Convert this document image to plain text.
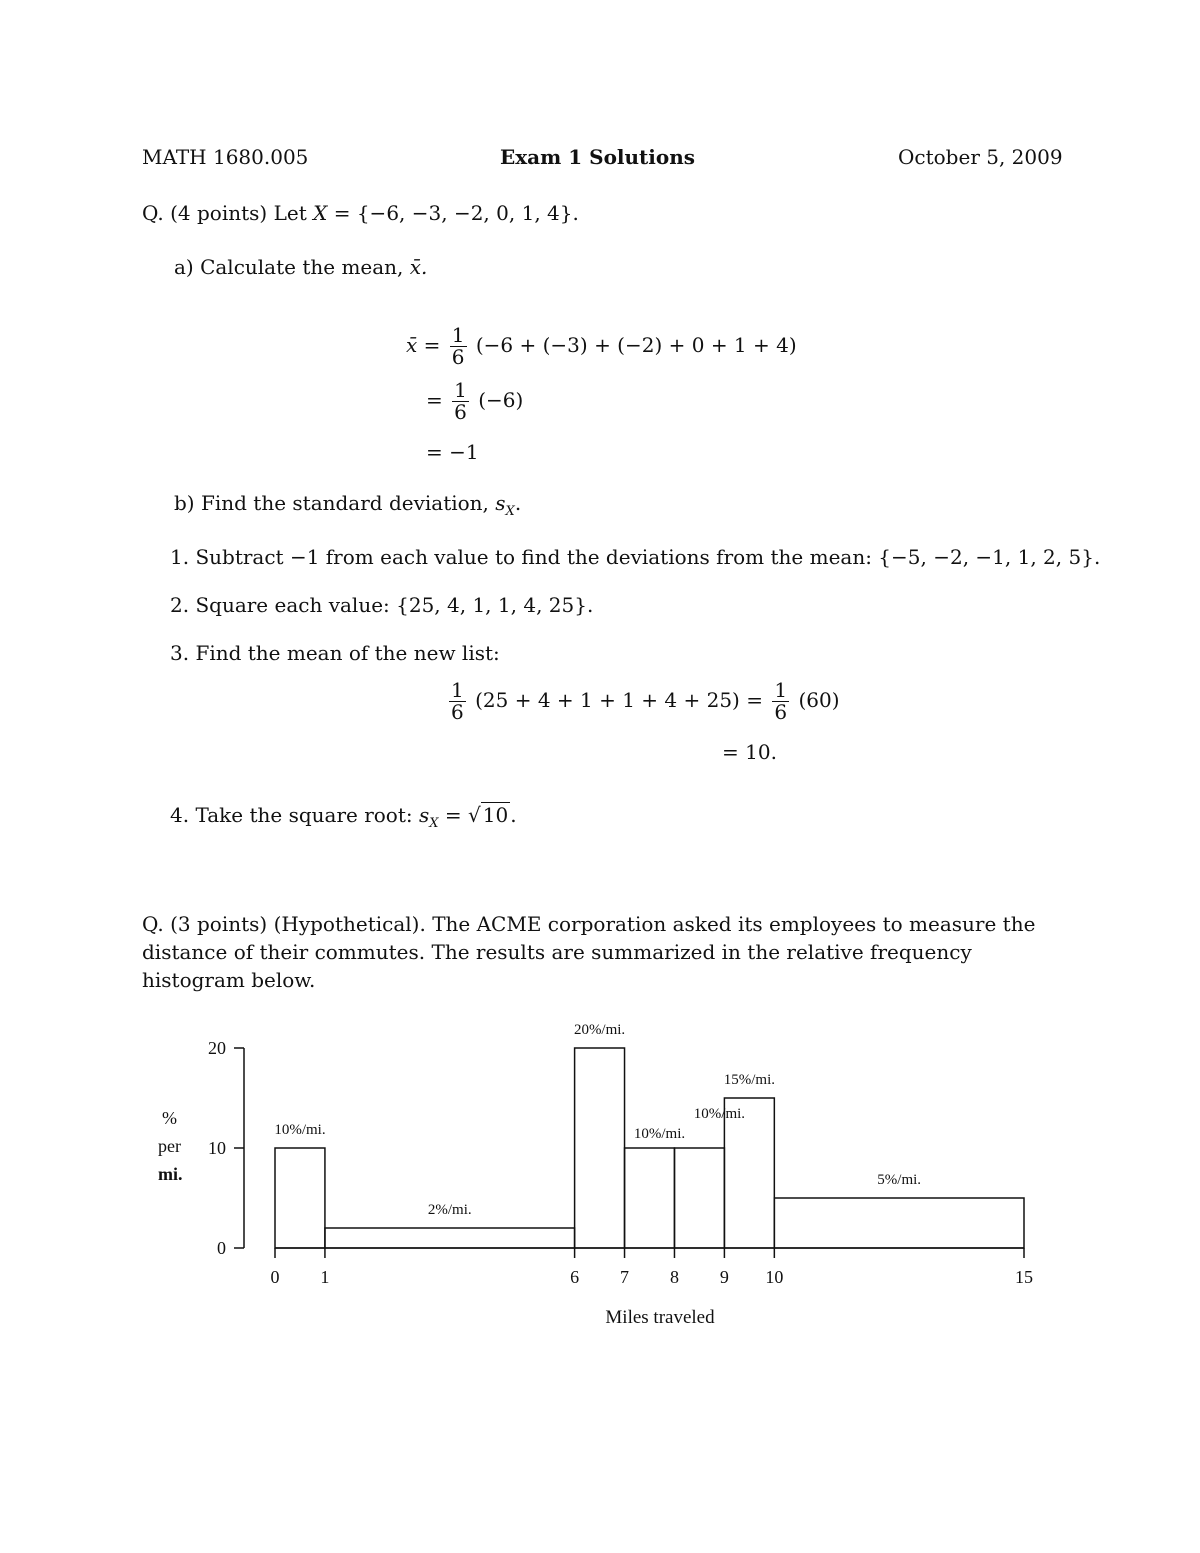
MATH 1680.005	Exam 1 Solutions	October 5, 2009
Q. (4 points) Let X = {−6, −3, −2, 0, 1, 4}.
a) Calculate the mean, x̄.
x̄ = $\frac{1}{6} (-6 + (-3) + (-2) + 0 + 1 + 4)$
= $\frac{1}{6} (-6)$
= −1
b) Find the standard deviation, $s_X$.
1. Subtract −1 from each value to find the deviations from the mean: {−5, −2, −1, 1, 2, 5}.
2. Square each value: {25, 4, 1, 1, 4, 25}.
3. Find the mean of the new list:
$\frac{1}{6} (25 + 4 + 1 + 1 + 4 + 25) = \frac{1}{6} (60)$
= 10.
4. Take the square root: $s_X$ = √ 10 .
Q. (3 points) (Hypothetical). The ACME corporation asked its employees to measure the
distance of their commutes. The results are summarized in the relative frequency
histogram below.
0
10
20
%
per
mi.
0 1	6 7 8 9 10	15
Miles traveled
10%/mi.
2%/mi.
20%/mi.
10%/mi.
10%/mi.
15%/mi.
5%/mi.
